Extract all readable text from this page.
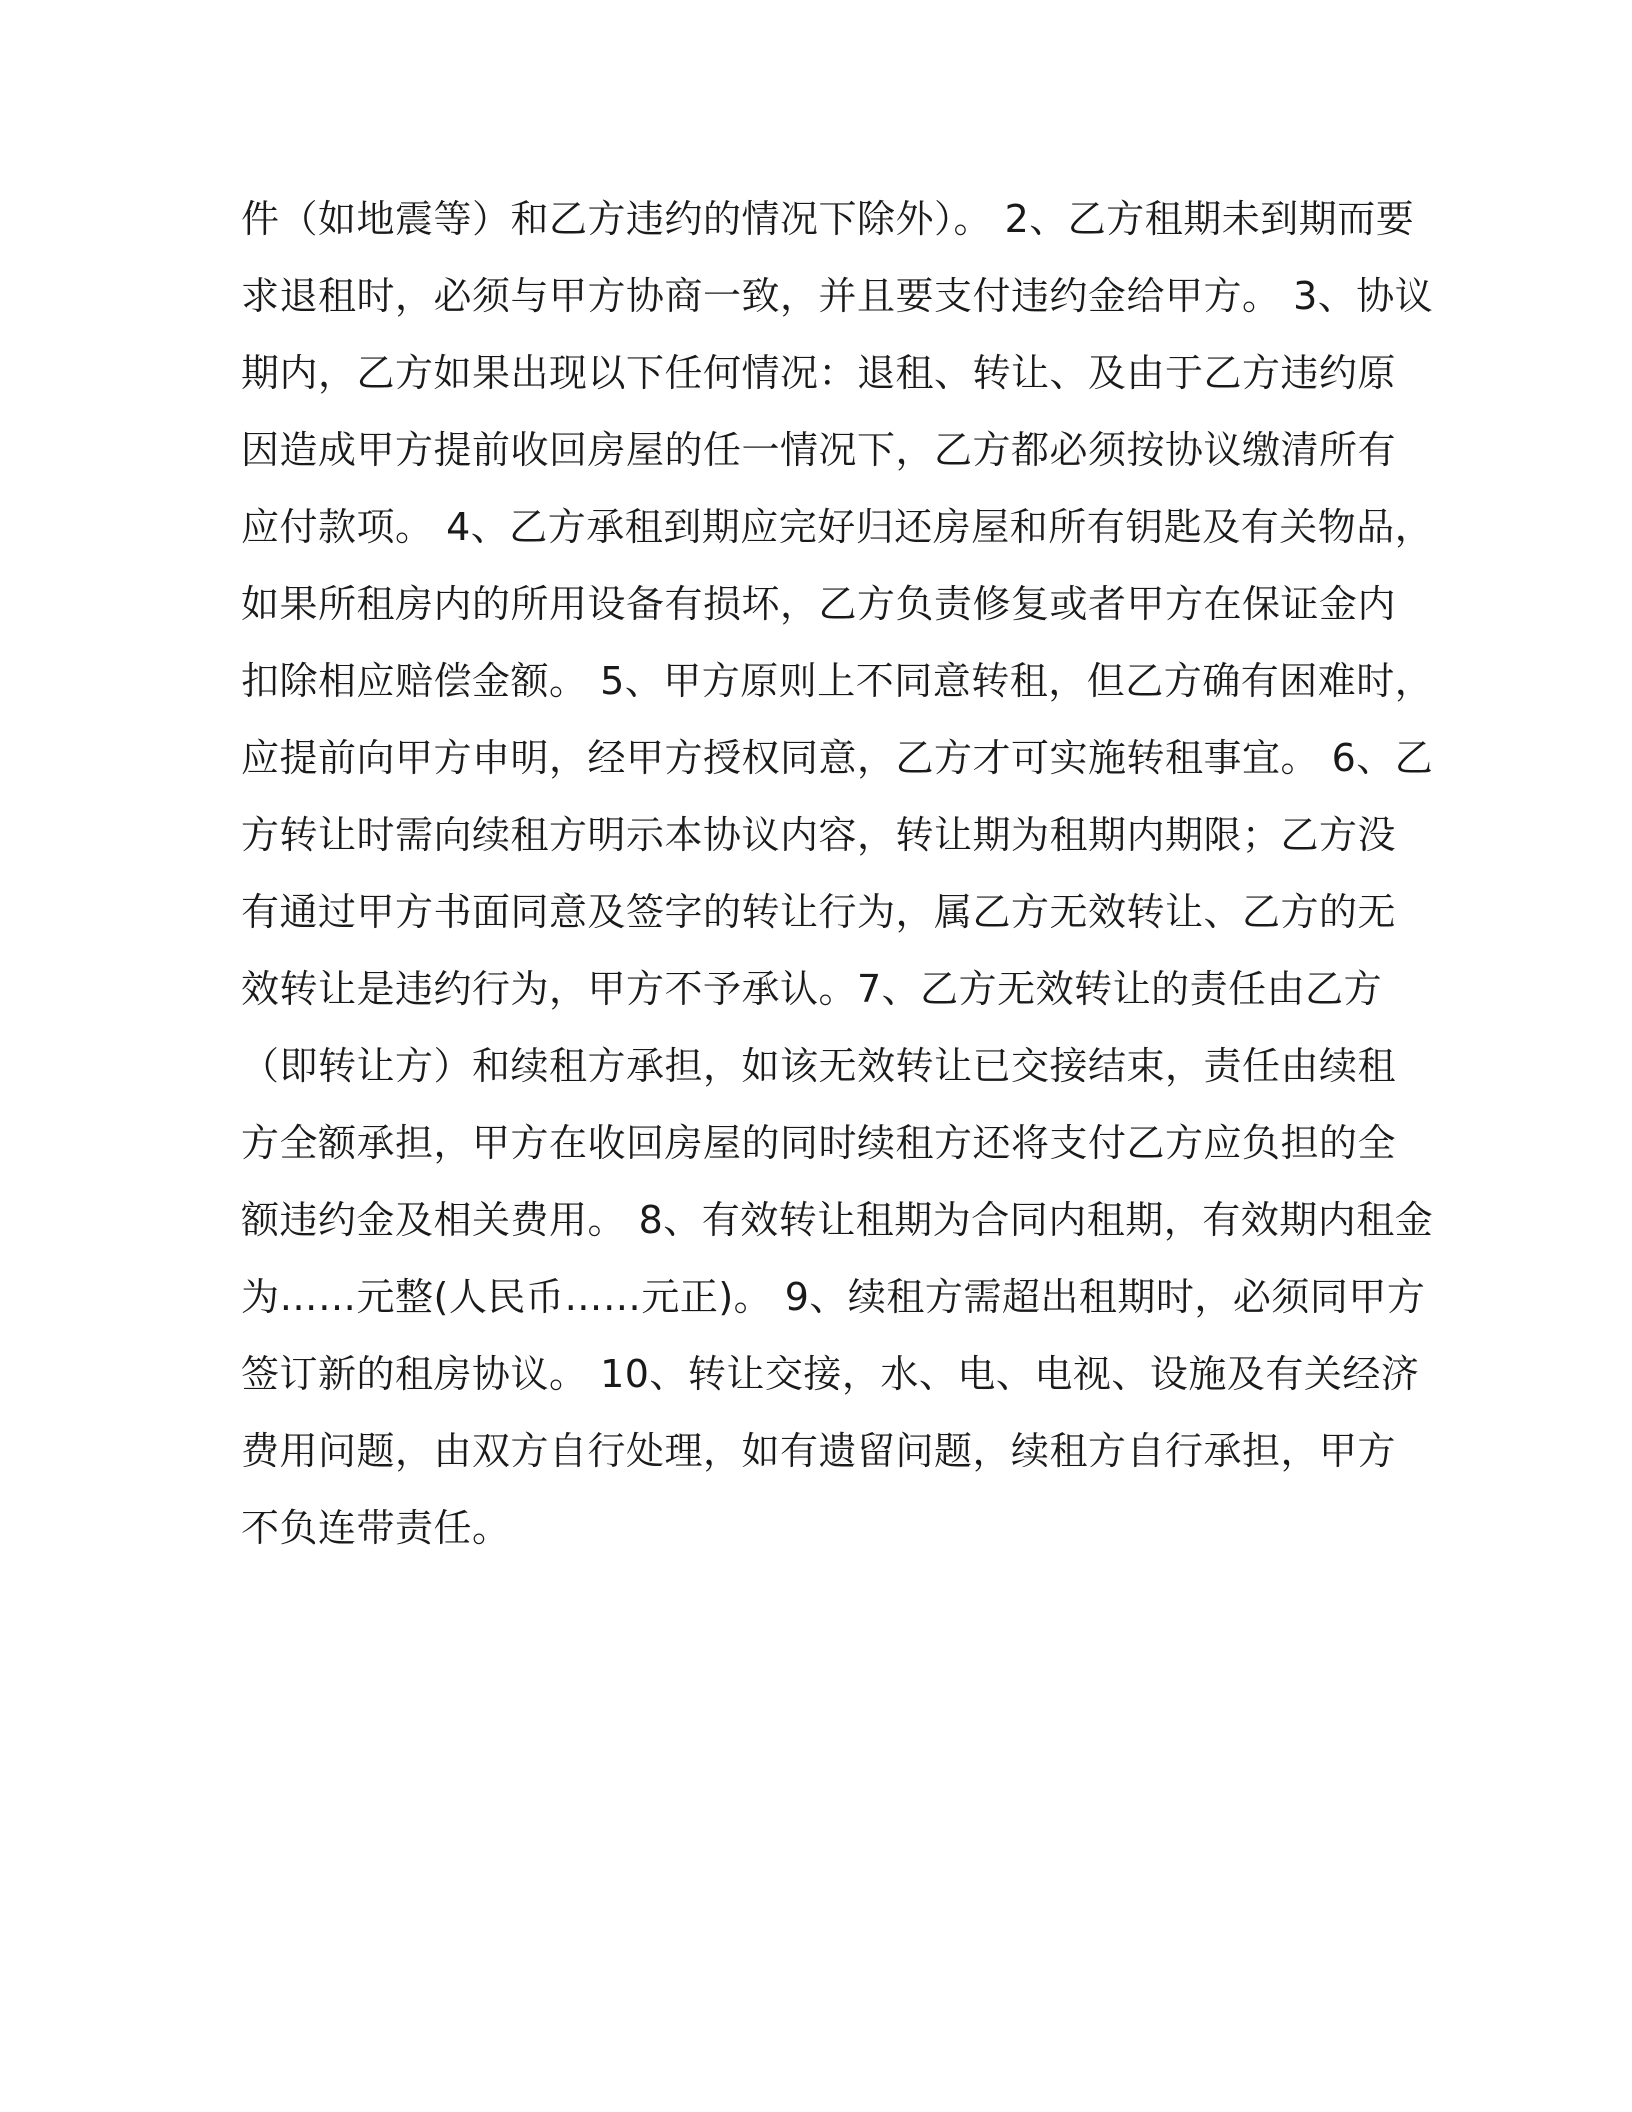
件（如地震等）和乙方违约的情况下除外）。 2、乙方租期未到期而要
求退租时，必须与甲方协商一致，并且要支付违约金给甲方。 3、协议
期内，乙方如果出现以下任何情况：退租、转让、及由于乙方违约原
因造成甲方提前收回房屋的任一情况下，乙方都必须按协议缴清所有
应付款项。 4、乙方承租到期应完好归还房屋和所有钥匙及有关物品，
如果所租房内的所用设备有损坏，乙方负责修复或者甲方在保证金内
扣除相应赔偿金额。 5、甲方原则上不同意转租，但乙方确有困难时，
应提前向甲方申明，经甲方授权同意，乙方才可实施转租事宜。 6、乙
方转让时需向续租方明示本协议内容，转让期为租期内期限；乙方没
有通过甲方书面同意及签字的转让行为，属乙方无效转让、乙方的无
效转让是违约行为，甲方不予承认。7、乙方无效转让的责任由乙方
（即转让方）和续租方承担，如该无效转让已交接结束，责任由续租
方全额承担，甲方在收回房屋的同时续租方还将支付乙方应负担的全
额违约金及相关费用。 8、有效转让租期为合同内租期，有效期内租金
为……元整(人民币……元正)。 9、续租方需超出租期时，必须同甲方
签订新的租房协议。 10、转让交接，水、电、电视、设施及有关经济
费用问题，由双方自行处理，如有遗留问题，续租方自行承担，甲方
不负连带责任。
